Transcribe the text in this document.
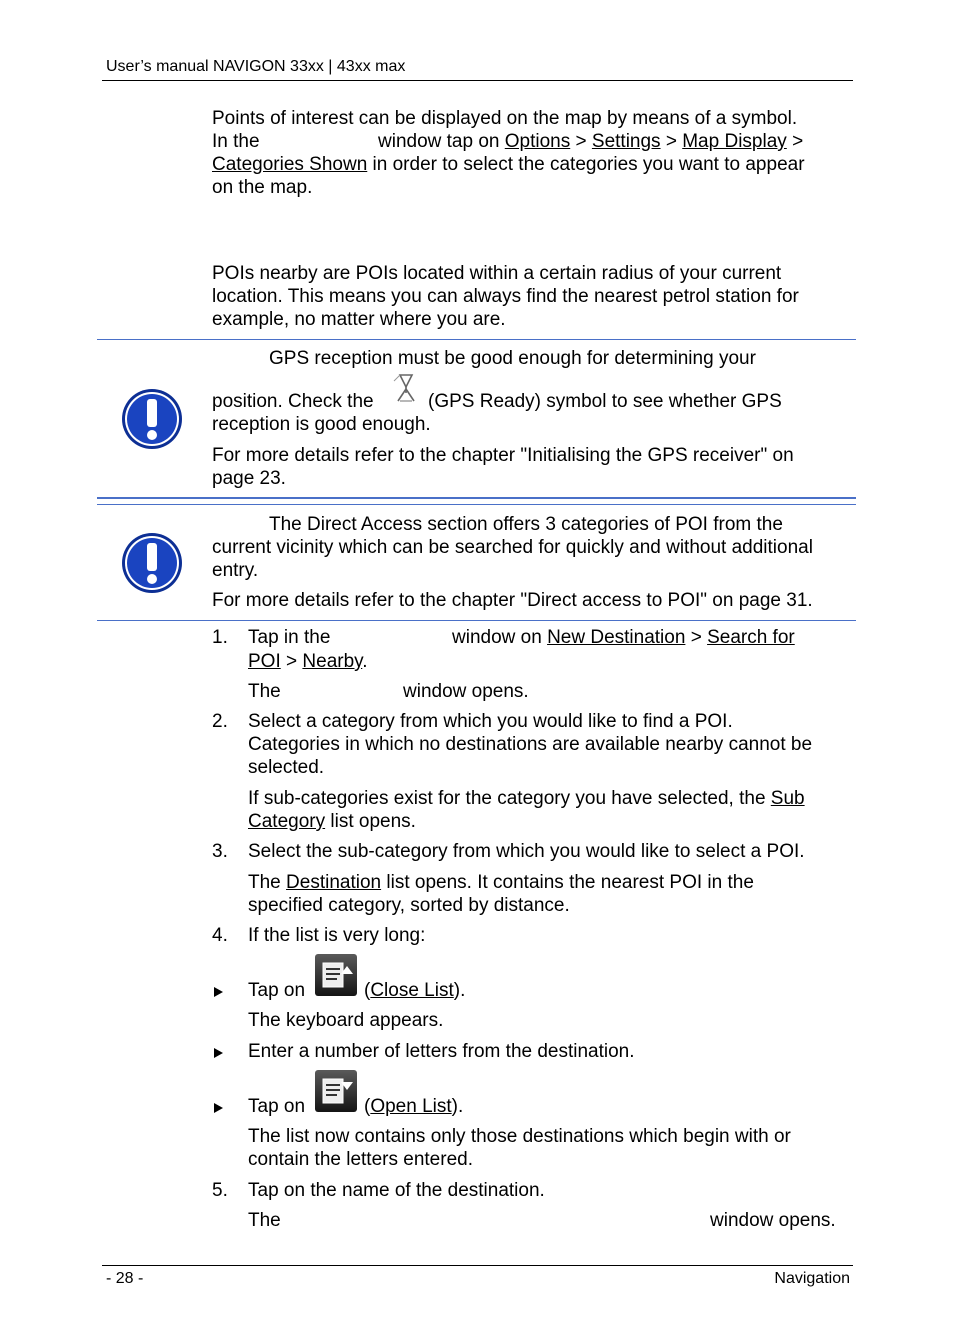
User’s manual NAVIGON 33xx | 43xx max

Points of interest can be displayed on the map by means of a symbol.

In the	window tap on Options > Settings > Map Display >

Categories Shown in order to select the categories you want to appear

on the map.

POIs nearby are POIs located within a certain radius of your current

location. This means you can always find the nearest petrol station for

example, no matter where you are.

GPS reception must be good enough for determining your

position. Check the	(GPS Ready) symbol to see whether GPS

reception is good enough.

For more details refer to the chapter "Initialising the GPS receiver" on

page 23.

The Direct Access section offers 3 categories of POI from the

current vicinity which can be searched for quickly and without additional

entry.

For more details refer to the chapter "Direct access to POI" on page 31.

1. Tap in the	window on New Destination > Search for

POI > Nearby.

The	window opens.

2. Select a category from which you would like to find a POI.

Categories in which no destinations are available nearby cannot be

selected.

If sub-categories exist for the category you have selected, the Sub

Category list opens.

3. Select the sub-category from which you would like to select a POI.

The Destination list opens. It contains the nearest POI in the

specified category, sorted by distance.

4. If the list is very long:

Tap on	(Close List).

The keyboard appears.

Enter a number of letters from the destination.

Tap on	(Open List).

The list now contains only those destinations which begin with or

contain the letters entered.

5. Tap on the name of the destination.

The	window opens.

- 28 -	Navigation
